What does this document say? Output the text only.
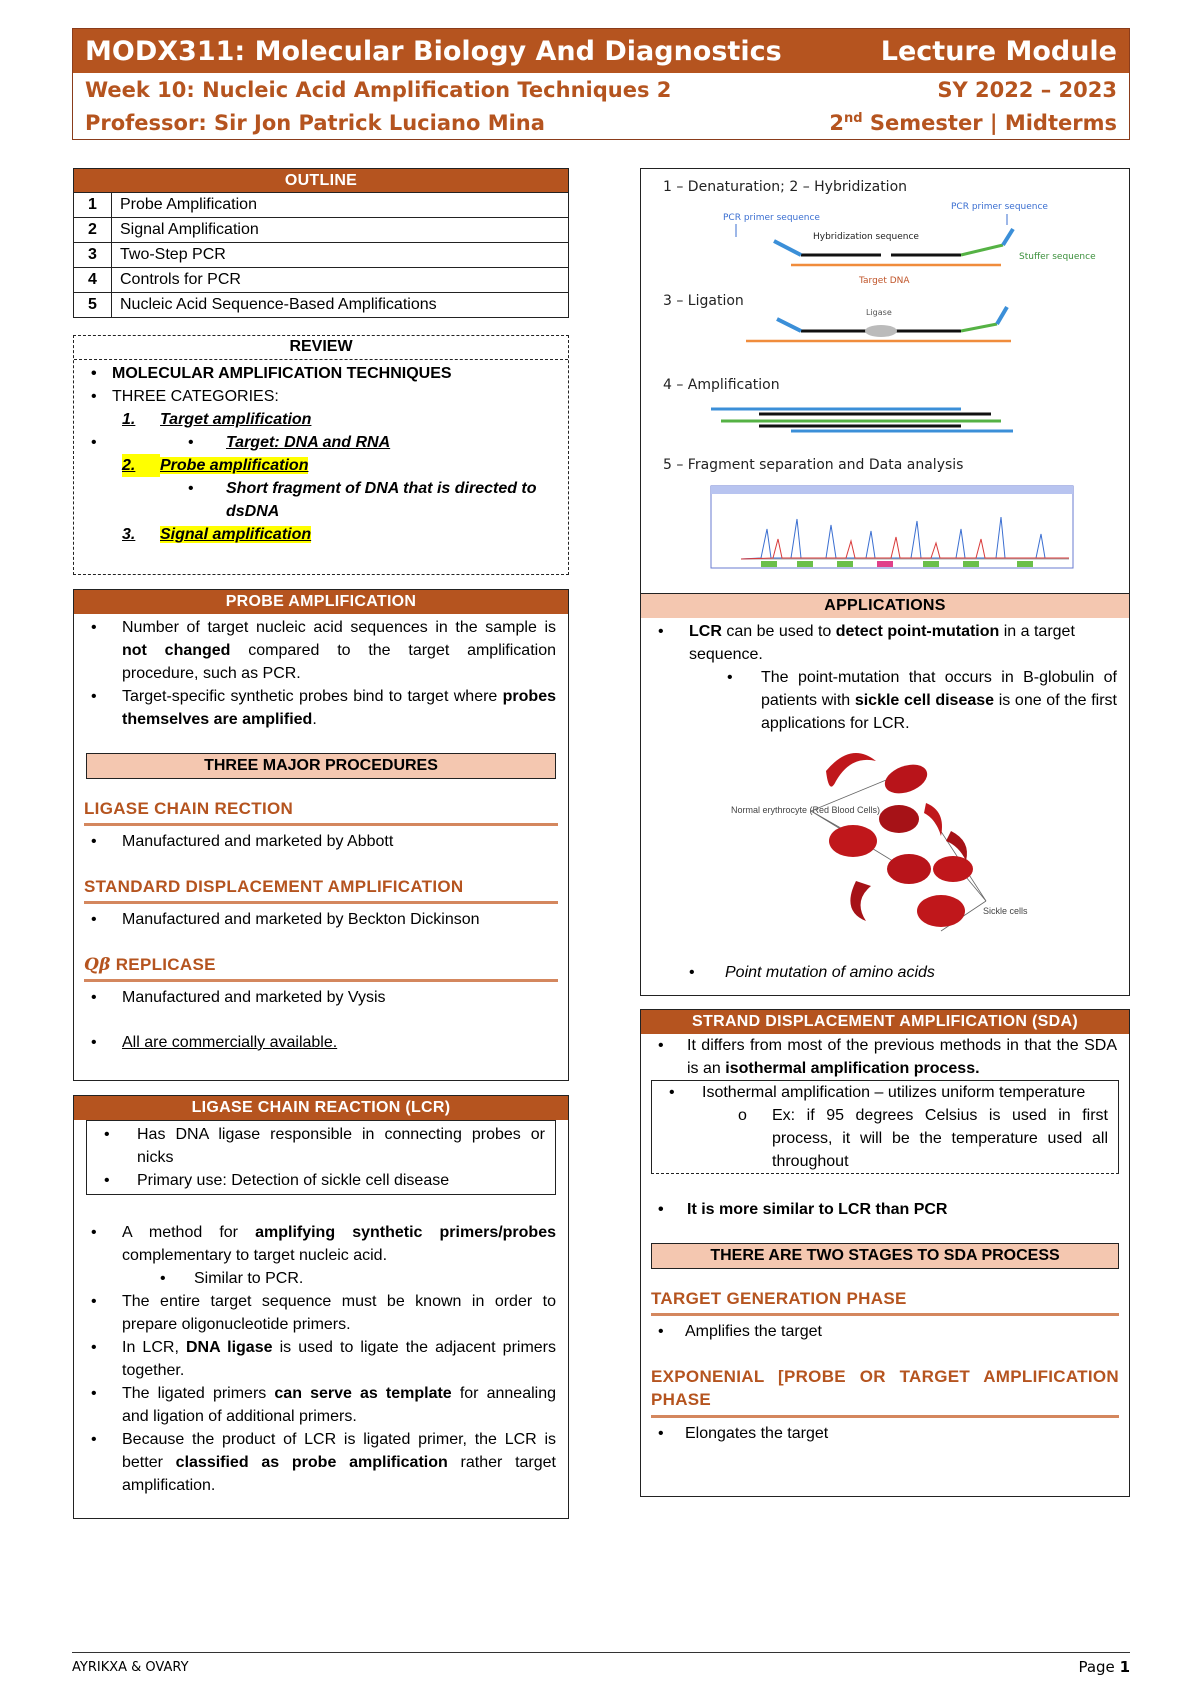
MODX311: Molecular Biology And Diagnostics	Lecture Module
Week 10: Nucleic Acid Amplification Techniques 2	SY 2022 – 2023
Professor: Sir Jon Patrick Luciano Mina	2nd Semester | Midterms
OUTLINE
1	Probe Amplification
2	Signal Amplification
3	Two-Step PCR
4	Controls for PCR
5	Nucleic Acid Sequence-Based Amplifications
REVIEW
• MOLECULAR AMPLIFICATION TECHNIQUES
• THREE CATEGORIES:
1. Target amplification
• • Target: DNA and RNA
2. Probe amplification
• Short fragment of DNA that is directed to dsDNA
3. Signal amplification
PROBE AMPLIFICATION
• Number of target nucleic acid sequences in the sample is not changed compared to the target amplification procedure, such as PCR.
• Target-specific synthetic probes bind to target where probes themselves are amplified.
THREE MAJOR PROCEDURES
LIGASE CHAIN RECTION
• Manufactured and marketed by Abbott
STANDARD DISPLACEMENT AMPLIFICATION
• Manufactured and marketed by Beckton Dickinson
Qβ REPLICASE
• Manufactured and marketed by Vysis
• All are commercially available.
LIGASE CHAIN REACTION (LCR)
• Has DNA ligase responsible in connecting probes or nicks
• Primary use: Detection of sickle cell disease
• A method for amplifying synthetic primers/probes complementary to target nucleic acid.
• Similar to PCR.
• The entire target sequence must be known in order to prepare oligonucleotide primers.
• In LCR, DNA ligase is used to ligate the adjacent primers together.
• The ligated primers can serve as template for annealing and ligation of additional primers.
• Because the product of LCR is ligated primer, the LCR is better classified as probe amplification rather target amplification.
1 – Denaturation; 2 – Hybridization
PCR primer sequence
PCR primer sequence
Hybridization sequence
Stuffer sequence
Target DNA
3 – Ligation
Ligase
4 – Amplification
5 – Fragment separation and Data analysis
APPLICATIONS
• LCR can be used to detect point-mutation in a target sequence.
• The point-mutation that occurs in B-globulin of patients with sickle cell disease is one of the first applications for LCR.
Normal erythrocyte (Red Blood Cells)
Sickle cells
• Point mutation of amino acids
STRAND DISPLACEMENT AMPLIFICATION (SDA)
• It differs from most of the previous methods in that the SDA is an isothermal amplification process.
• Isothermal amplification – utilizes uniform temperature
o Ex: if 95 degrees Celsius is used in first process, it will be the temperature used all throughout
• It is more similar to LCR than PCR
THERE ARE TWO STAGES TO SDA PROCESS
TARGET GENERATION PHASE
• Amplifies the target
EXPONENIAL [PROBE OR TARGET AMPLIFICATION PHASE
• Elongates the target
AYRIKXA & OVARY	Page 1
